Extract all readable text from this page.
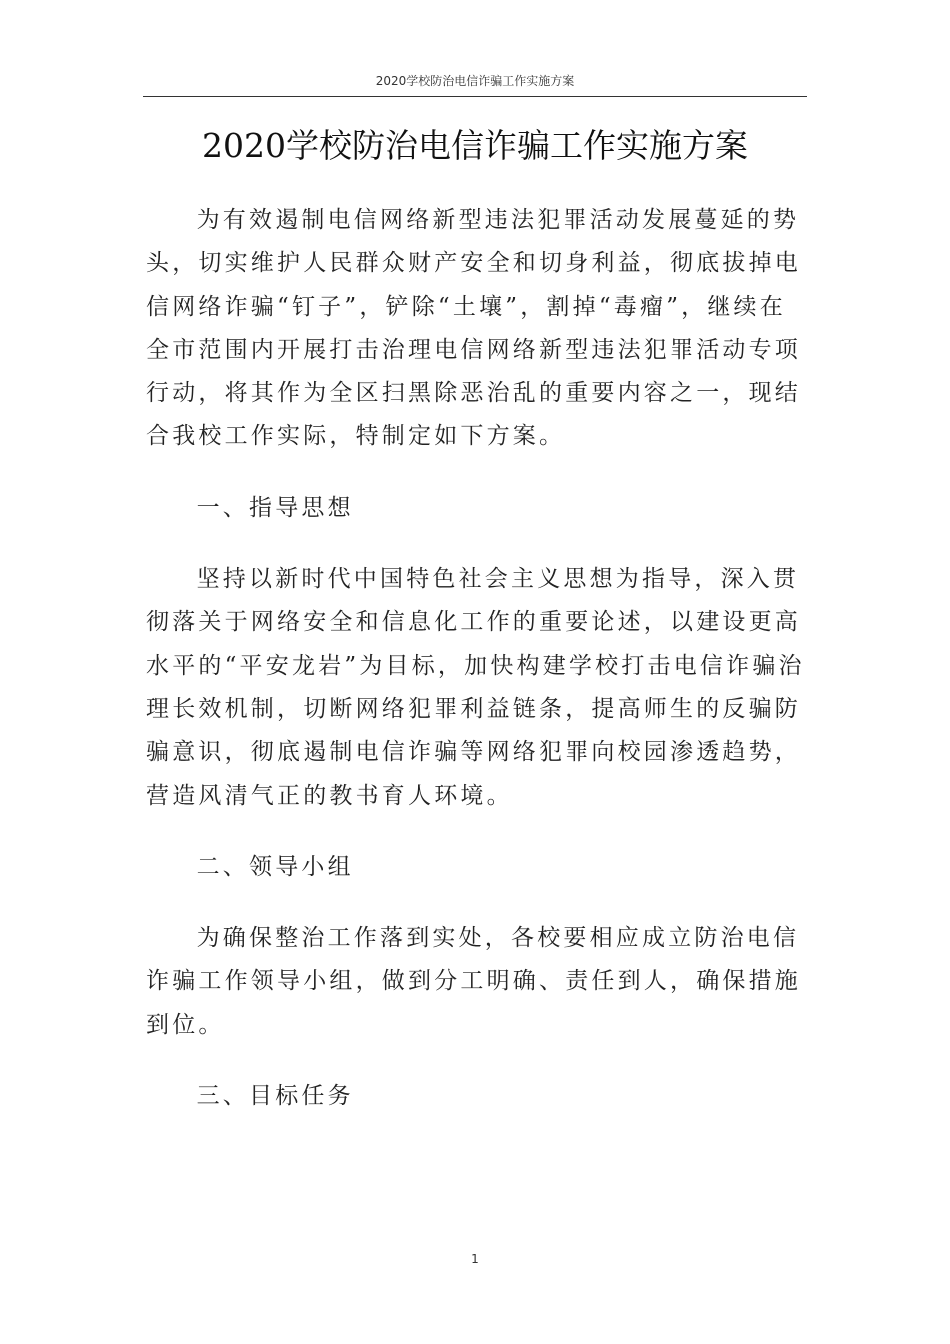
2020学校防治电信诈骗工作实施方案
2020学校防治电信诈骗工作实施方案

为有效遏制电信网络新型违法犯罪活动发展蔓延的势头，切实维护人民群众财产安全和切身利益，彻底拔掉电信网络诈骗“钉子”，铲除“土壤”，割掉“毒瘤”，继续在全市范围内开展打击治理电信网络新型违法犯罪活动专项行动，将其作为全区扫黑除恶治乱的重要内容之一，现结合我校工作实际，特制定如下方案。

一、指导思想

坚持以新时代中国特色社会主义思想为指导，深入贯彻落关于网络安全和信息化工作的重要论述，以建设更高水平的“平安龙岩”为目标，加快构建学校打击电信诈骗治理长效机制，切断网络犯罪利益链条，提高师生的反骗防骗意识，彻底遏制电信诈骗等网络犯罪向校园渗透趋势，营造风清气正的教书育人环境。

二、领导小组

为确保整治工作落到实处，各校要相应成立防治电信诈骗工作领导小组，做到分工明确、责任到人，确保措施到位。

三、目标任务

1
